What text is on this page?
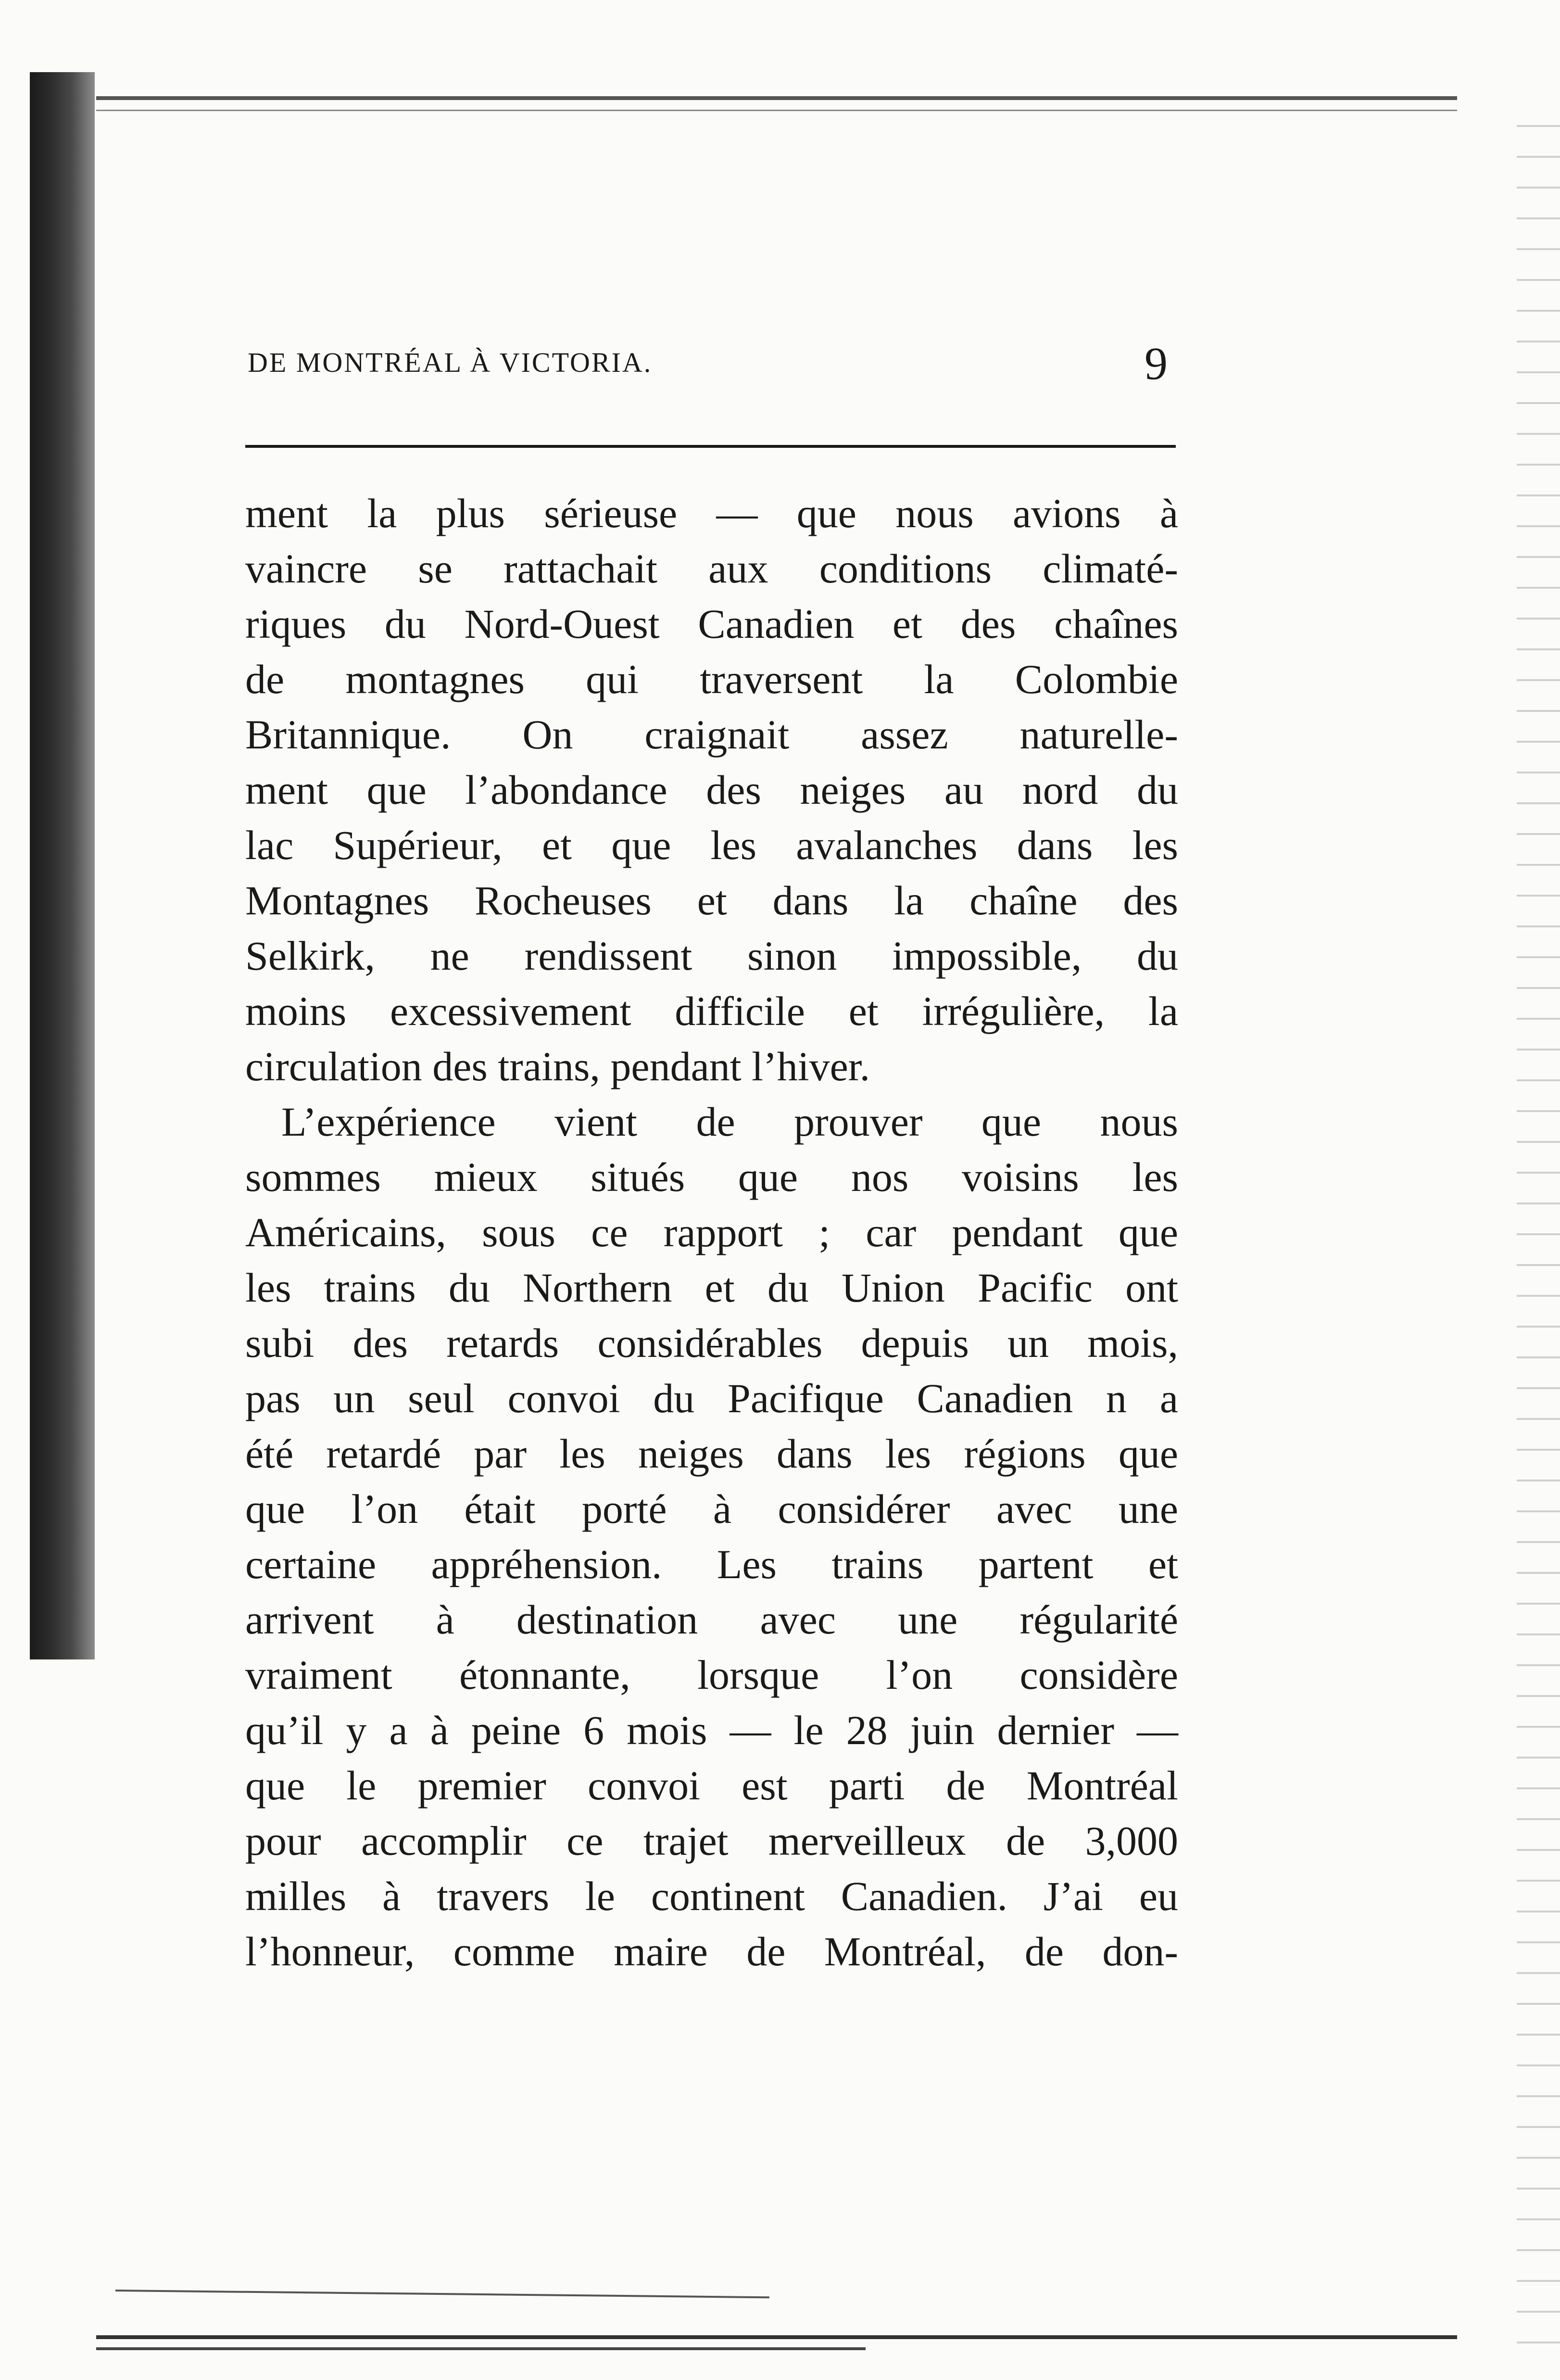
DE MONTRÉAL À VICTORIA.	9
ment la plus sérieuse — que nous avions à
vaincre se rattachait aux conditions climaté-
riques du Nord-Ouest Canadien et des chaînes
de montagnes qui traversent la Colombie
Britannique. On craignait assez naturelle-
ment que l’abondance des neiges au nord du
lac Supérieur, et que les avalanches dans les
Montagnes Rocheuses et dans la chaîne des
Selkirk, ne rendissent sinon impossible, du
moins excessivement difficile et irrégulière, la
circulation des trains, pendant l’hiver.
L’expérience vient de prouver que nous
sommes mieux situés que nos voisins les
Américains, sous ce rapport ; car pendant que
les trains du Northern et du Union Pacific ont
subi des retards considérables depuis un mois,
pas un seul convoi du Pacifique Canadien n a
été retardé par les neiges dans les régions que
que l’on était porté à considérer avec une
certaine appréhension. Les trains partent et
arrivent à destination avec une régularité
vraiment étonnante, lorsque l’on considère
qu’il y a à peine 6 mois — le 28 juin dernier —
que le premier convoi est parti de Montréal
pour accomplir ce trajet merveilleux de 3,000
milles à travers le continent Canadien. J’ai eu
l’honneur, comme maire de Montréal, de don-
